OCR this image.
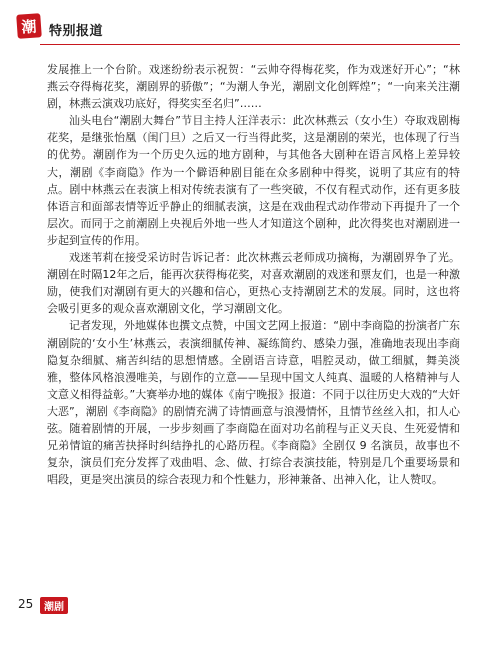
潮 特别报道

发展推上一个台阶。戏迷纷纷表示祝贺：“云帅夺得梅花奖，作为戏迷好开心”；“林燕云夺得梅花奖，潮剧界的骄傲”；“为潮人争光，潮剧文化创辉煌”；“一向来关注潮剧，林燕云演戏功底好，得奖实至名归”……

汕头电台“潮剧大舞台”节目主持人汪洋表示：此次林燕云（女小生）夺取戏剧梅花奖，是继张怡凰（闺门旦）之后又一行当得此奖，这是潮剧的荣光，也体现了行当的优势。潮剧作为一个历史久远的地方剧种，与其他各大剧种在语言风格上差异较大，潮剧《李商隐》作为一个僻语种剧目能在众多剧种中得奖，说明了其应有的特点。剧中林燕云在表演上相对传统表演有了一些突破，不仅有程式动作，还有更多肢体语言和面部表情等近乎静止的细腻表演，这是在戏曲程式动作带动下再提升了一个层次。而同于之前潮剧上央视后外地一些人才知道这个剧种，此次得奖也对潮剧进一步起到宣传的作用。

戏迷苇莉在接受采访时告诉记者：此次林燕云老师成功摘梅，为潮剧界争了光。潮剧在时隔12年之后，能再次获得梅花奖，对喜欢潮剧的戏迷和票友们，也是一种激励，使我们对潮剧有更大的兴趣和信心，更热心支持潮剧艺术的发展。同时，这也将会吸引更多的观众喜欢潮剧文化，学习潮剧文化。

记者发现，外地媒体也撰文点赞，中国文艺网上报道：“剧中李商隐的扮演者广东潮剧院的‘女小生’林燕云，表演细腻传神、凝练简约、感染力强，准确地表现出李商隐复杂细腻、痛苦纠结的思想情感。全剧语言诗意，唱腔灵动，做工细腻，舞美淡雅，整体风格浪漫唯美，与剧作的立意——呈现中国文人纯真、温暖的人格精神与人文意义相得益彰。”大赛举办地的媒体《南宁晚报》报道：不同于以往历史大戏的“大奸大恶”，潮剧《李商隐》的剧情充满了诗情画意与浪漫情怀，且情节丝丝入扣，扣人心弦。随着剧情的开展，一步步刻画了李商隐在面对功名前程与正义天良、生死爱情和兄弟情谊的痛苦抉择时纠结挣扎的心路历程。《李商隐》全剧仅 9 名演员，故事也不复杂，演员们充分发挥了戏曲唱、念、做、打综合表演技能，特别是几个重要场景和唱段，更是突出演员的综合表现力和个性魅力，形神兼备、出神入化，让人赞叹。

25	潮剧
